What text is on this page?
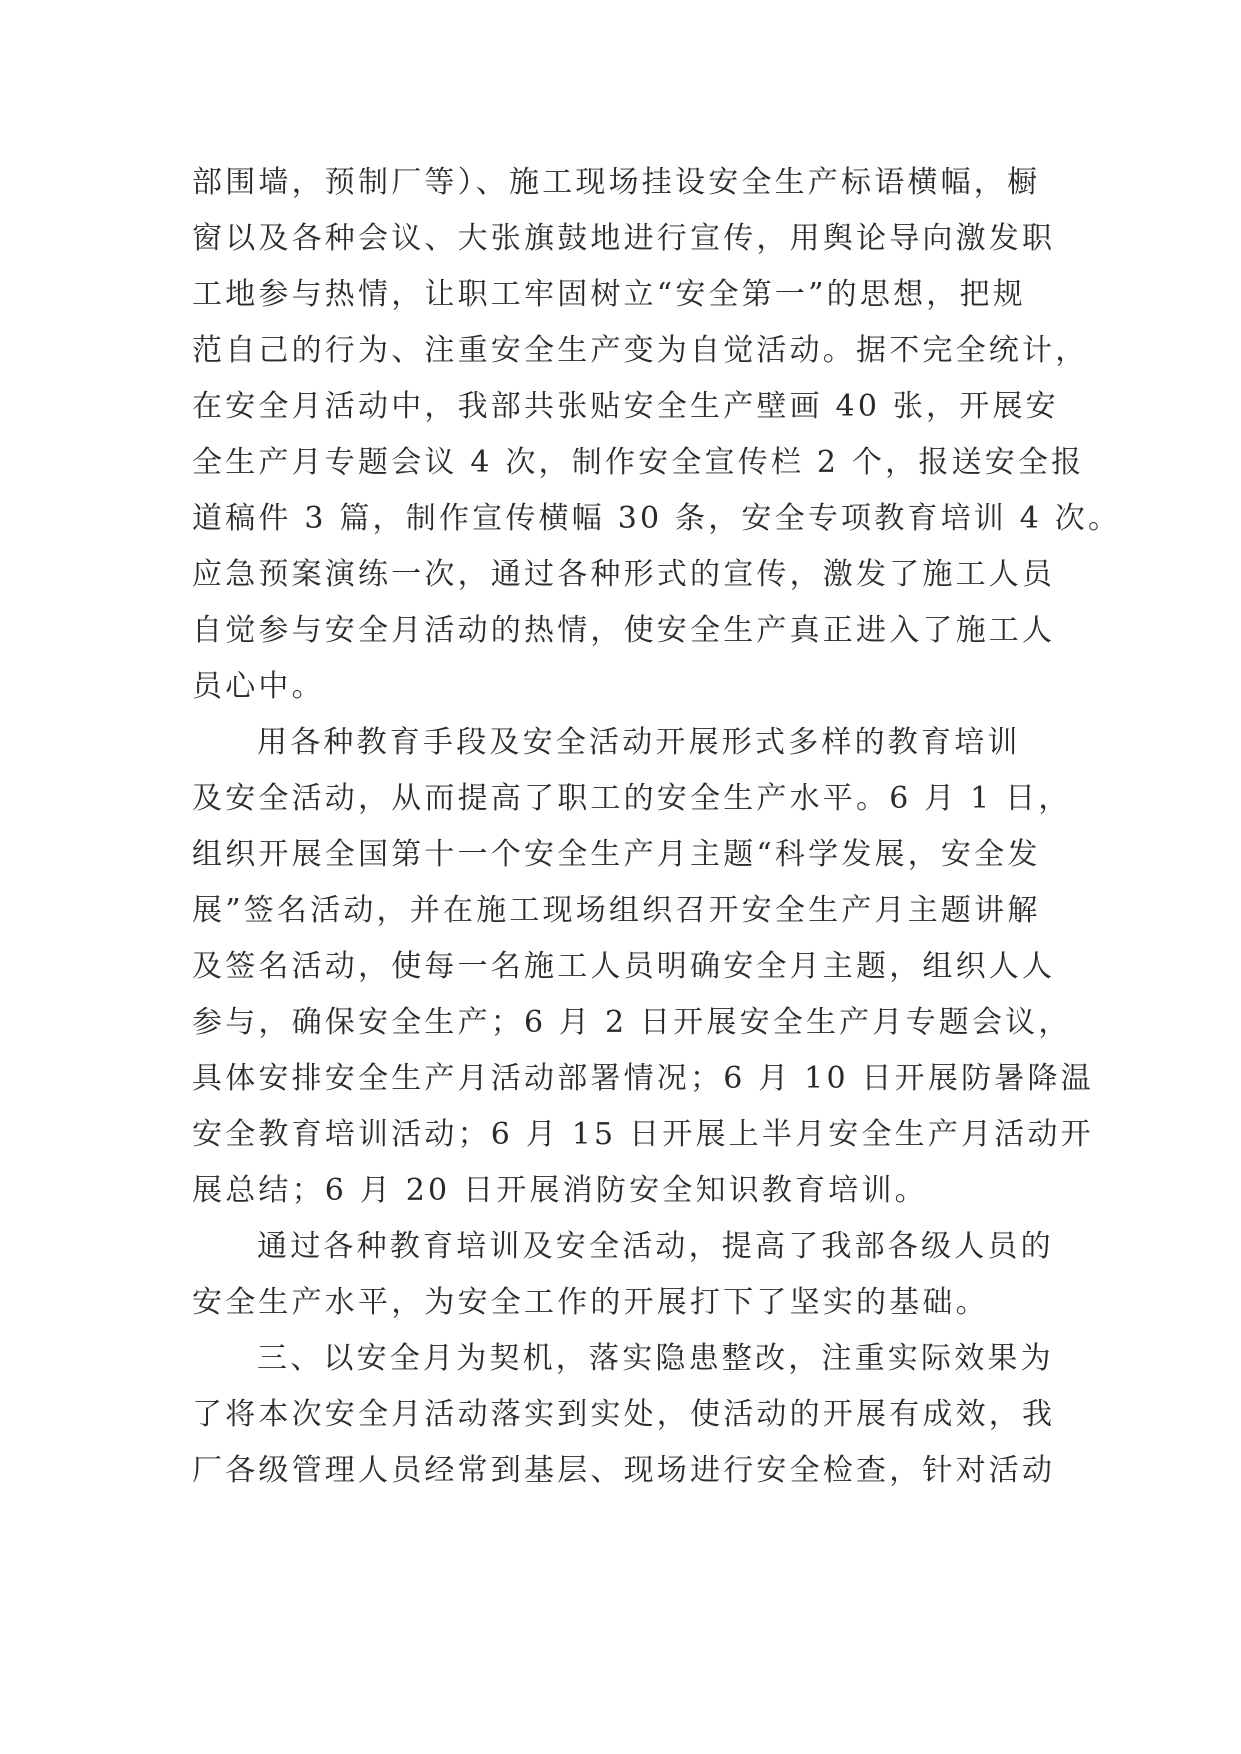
部围墙，预制厂等）、施工现场挂设安全生产标语横幅，橱
窗以及各种会议、大张旗鼓地进行宣传，用舆论导向激发职
工地参与热情，让职工牢固树立“安全第一”的思想，把规
范自己的行为、注重安全生产变为自觉活动。据不完全统计，
在安全月活动中，我部共张贴安全生产壁画 40 张，开展安
全生产月专题会议 4 次，制作安全宣传栏 2 个，报送安全报
道稿件 3 篇，制作宣传横幅 30 条，安全专项教育培训 4 次。
应急预案演练一次，通过各种形式的宣传，激发了施工人员
自觉参与安全月活动的热情，使安全生产真正进入了施工人
员心中。
用各种教育手段及安全活动开展形式多样的教育培训
及安全活动，从而提高了职工的安全生产水平。6 月 1 日，
组织开展全国第十一个安全生产月主题“科学发展，安全发
展”签名活动，并在施工现场组织召开安全生产月主题讲解
及签名活动，使每一名施工人员明确安全月主题，组织人人
参与，确保安全生产；6 月 2 日开展安全生产月专题会议，
具体安排安全生产月活动部署情况；6 月 10 日开展防暑降温
安全教育培训活动；6 月 15 日开展上半月安全生产月活动开
展总结；6 月 20 日开展消防安全知识教育培训。
通过各种教育培训及安全活动，提高了我部各级人员的
安全生产水平，为安全工作的开展打下了坚实的基础。
三、以安全月为契机，落实隐患整改，注重实际效果为
了将本次安全月活动落实到实处，使活动的开展有成效，我
厂各级管理人员经常到基层、现场进行安全检查，针对活动
